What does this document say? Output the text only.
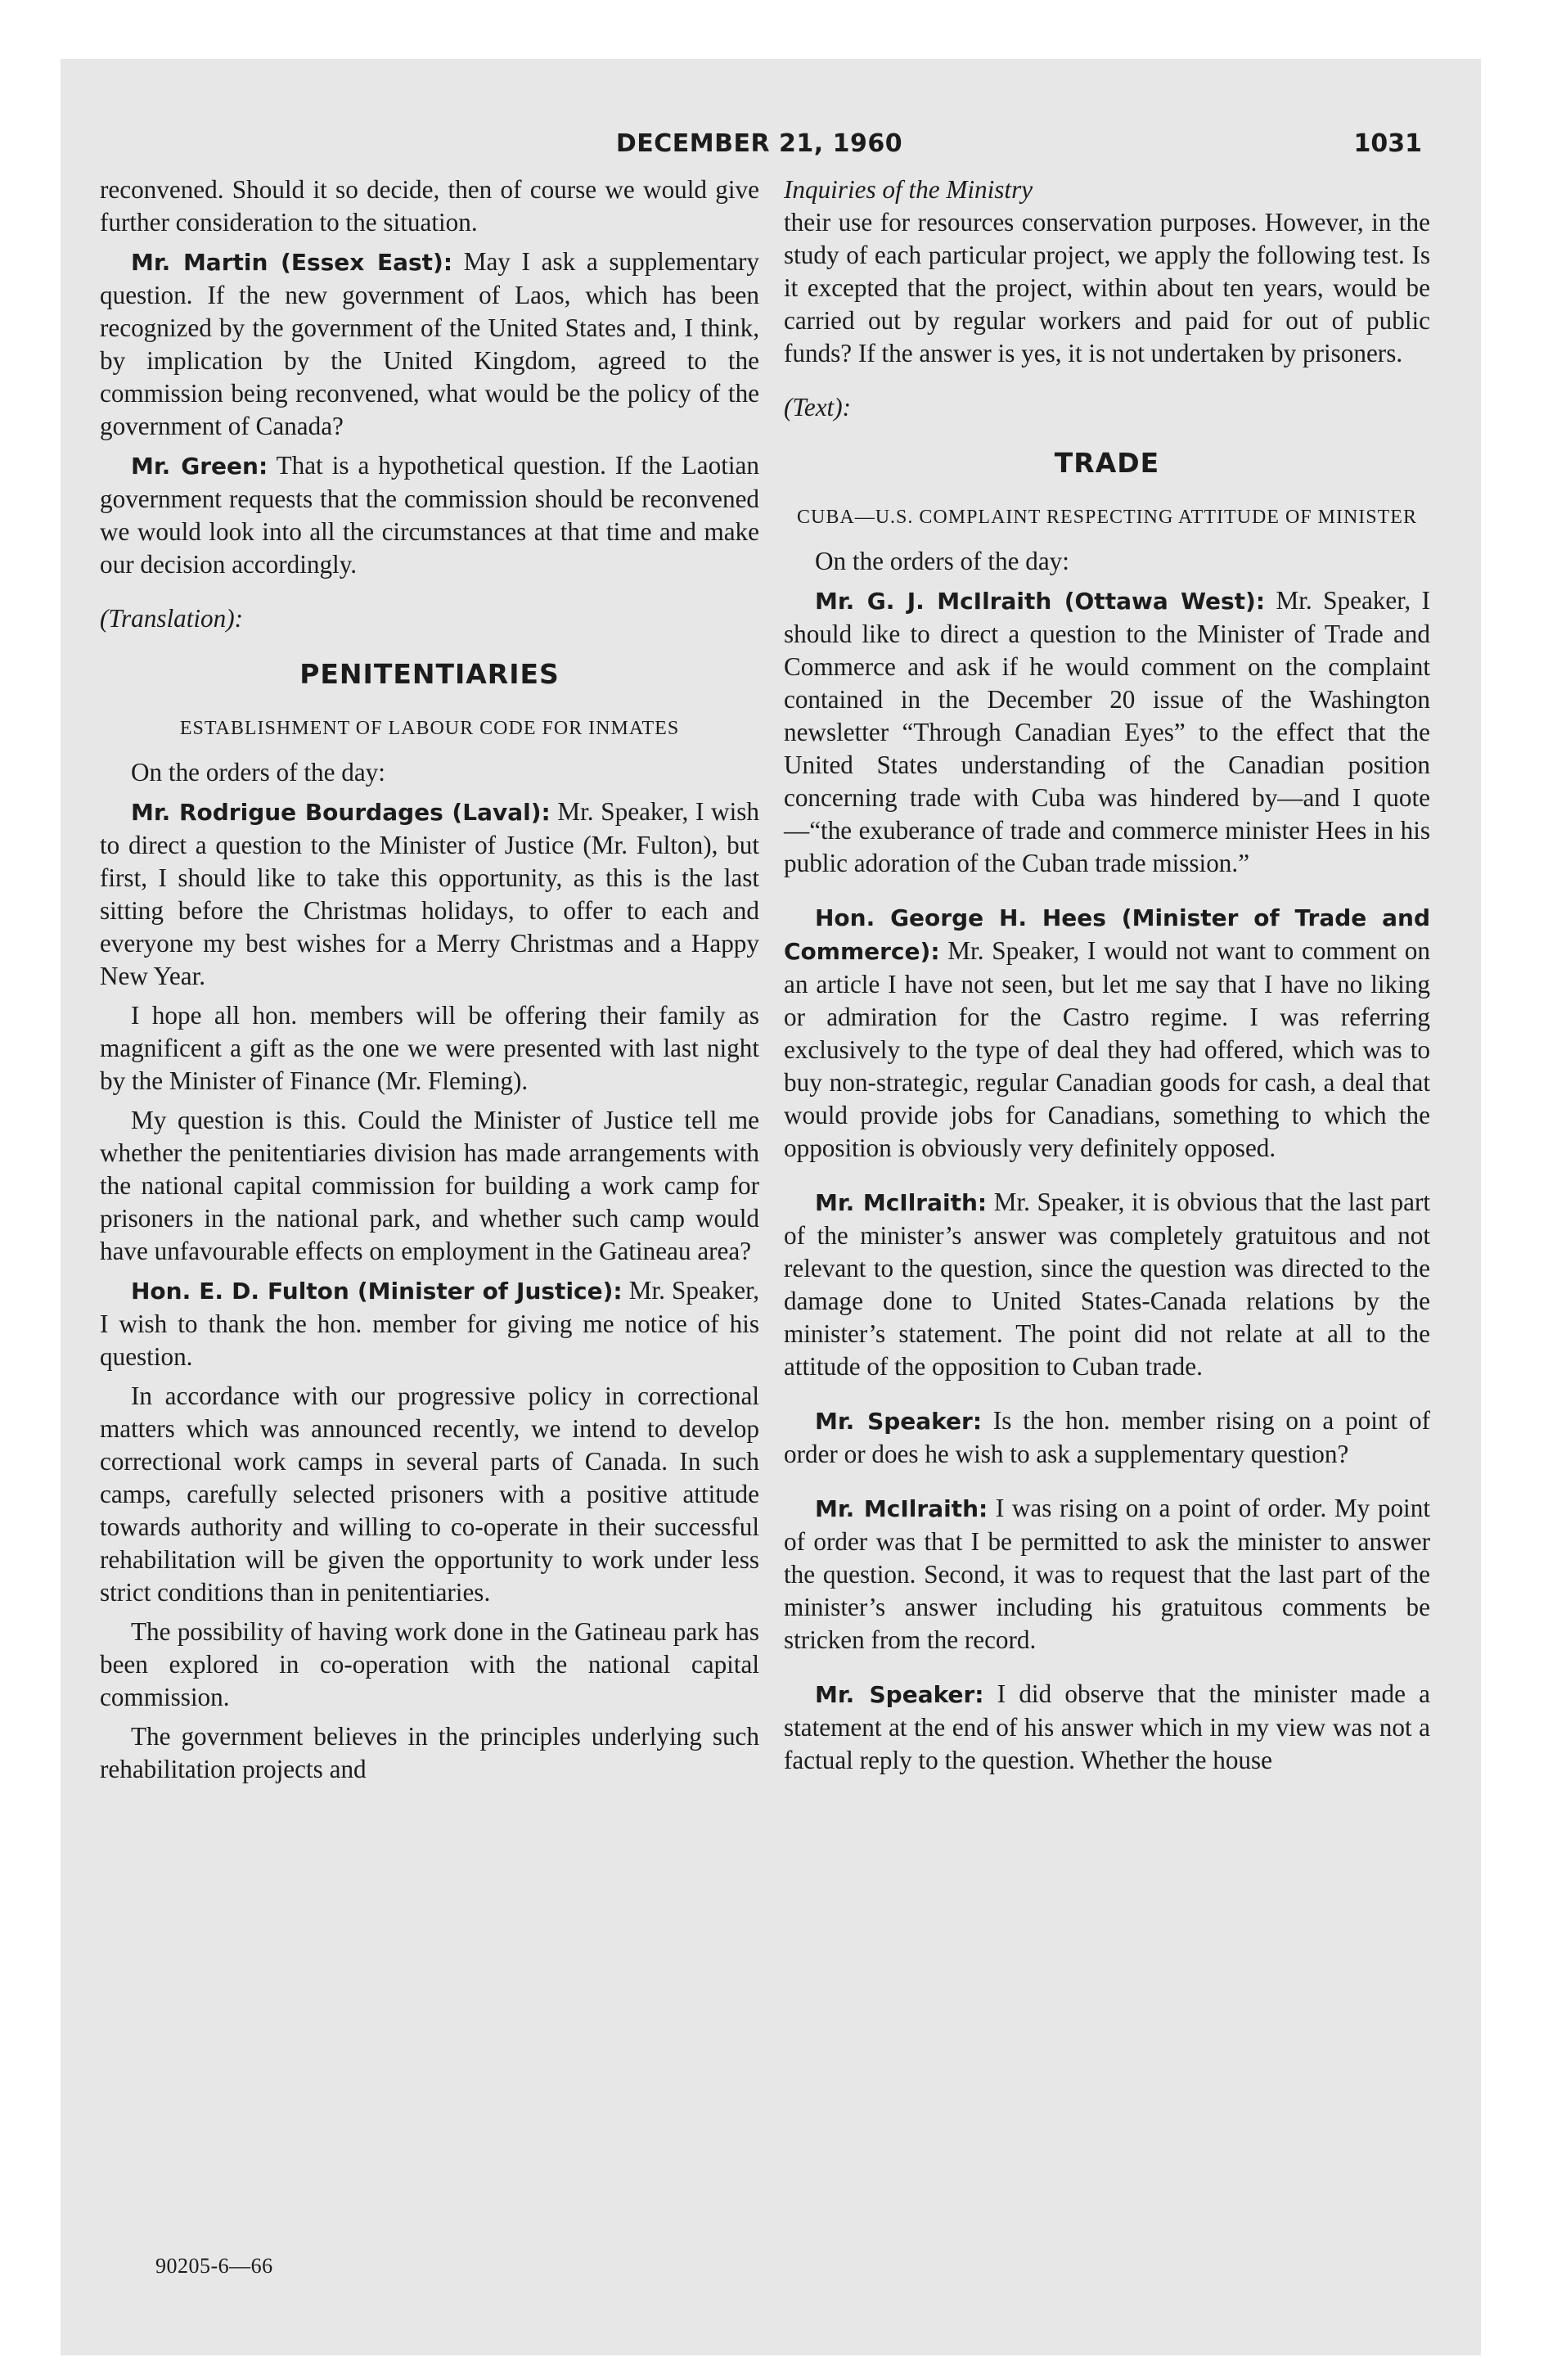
DECEMBER 21, 1960	1031

reconvened. Should it so decide, then of course we would give further consideration to the situation.

Mr. Martin (Essex East): May I ask a supplementary question. If the new government of Laos, which has been recognized by the government of the United States and, I think, by implication by the United Kingdom, agreed to the commission being reconvened, what would be the policy of the government of Canada?

Mr. Green: That is a hypothetical question. If the Laotian government requests that the commission should be reconvened we would look into all the circumstances at that time and make our decision accordingly.

(Translation):

PENITENTIARIES

ESTABLISHMENT OF LABOUR CODE FOR INMATES

On the orders of the day:

Mr. Rodrigue Bourdages (Laval): Mr. Speaker, I wish to direct a question to the Minister of Justice (Mr. Fulton), but first, I should like to take this opportunity, as this is the last sitting before the Christmas holidays, to offer to each and everyone my best wishes for a Merry Christmas and a Happy New Year.

I hope all hon. members will be offering their family as magnificent a gift as the one we were presented with last night by the Minister of Finance (Mr. Fleming).

My question is this. Could the Minister of Justice tell me whether the penitentiaries division has made arrangements with the national capital commission for building a work camp for prisoners in the national park, and whether such camp would have unfavourable effects on employment in the Gatineau area?

Hon. E. D. Fulton (Minister of Justice): Mr. Speaker, I wish to thank the hon. member for giving me notice of his question.

In accordance with our progressive policy in correctional matters which was announced recently, we intend to develop correctional work camps in several parts of Canada. In such camps, carefully selected prisoners with a positive attitude towards authority and willing to co-operate in their successful rehabilitation will be given the opportunity to work under less strict conditions than in penitentiaries.

The possibility of having work done in the Gatineau park has been explored in co-operation with the national capital commission.

The government believes in the principles underlying such rehabilitation projects and

90205-6—66

Inquiries of the Ministry

their use for resources conservation purposes. However, in the study of each particular project, we apply the following test. Is it excepted that the project, within about ten years, would be carried out by regular workers and paid for out of public funds? If the answer is yes, it is not undertaken by prisoners.

(Text):

TRADE

CUBA—U.S. COMPLAINT RESPECTING ATTITUDE OF MINISTER

On the orders of the day:

Mr. G. J. McIlraith (Ottawa West): Mr. Speaker, I should like to direct a question to the Minister of Trade and Commerce and ask if he would comment on the complaint contained in the December 20 issue of the Washington newsletter “Through Canadian Eyes” to the effect that the United States understanding of the Canadian position concerning trade with Cuba was hindered by—and I quote—“the exuberance of trade and commerce minister Hees in his public adoration of the Cuban trade mission.”

Hon. George H. Hees (Minister of Trade and Commerce): Mr. Speaker, I would not want to comment on an article I have not seen, but let me say that I have no liking or admiration for the Castro regime. I was referring exclusively to the type of deal they had offered, which was to buy non-strategic, regular Canadian goods for cash, a deal that would provide jobs for Canadians, something to which the opposition is obviously very definitely opposed.

Mr. McIlraith: Mr. Speaker, it is obvious that the last part of the minister’s answer was completely gratuitous and not relevant to the question, since the question was directed to the damage done to United States-Canada relations by the minister’s statement. The point did not relate at all to the attitude of the opposition to Cuban trade.

Mr. Speaker: Is the hon. member rising on a point of order or does he wish to ask a supplementary question?

Mr. McIlraith: I was rising on a point of order. My point of order was that I be permitted to ask the minister to answer the question. Second, it was to request that the last part of the minister’s answer including his gratuitous comments be stricken from the record.

Mr. Speaker: I did observe that the minister made a statement at the end of his answer which in my view was not a factual reply to the question. Whether the house
